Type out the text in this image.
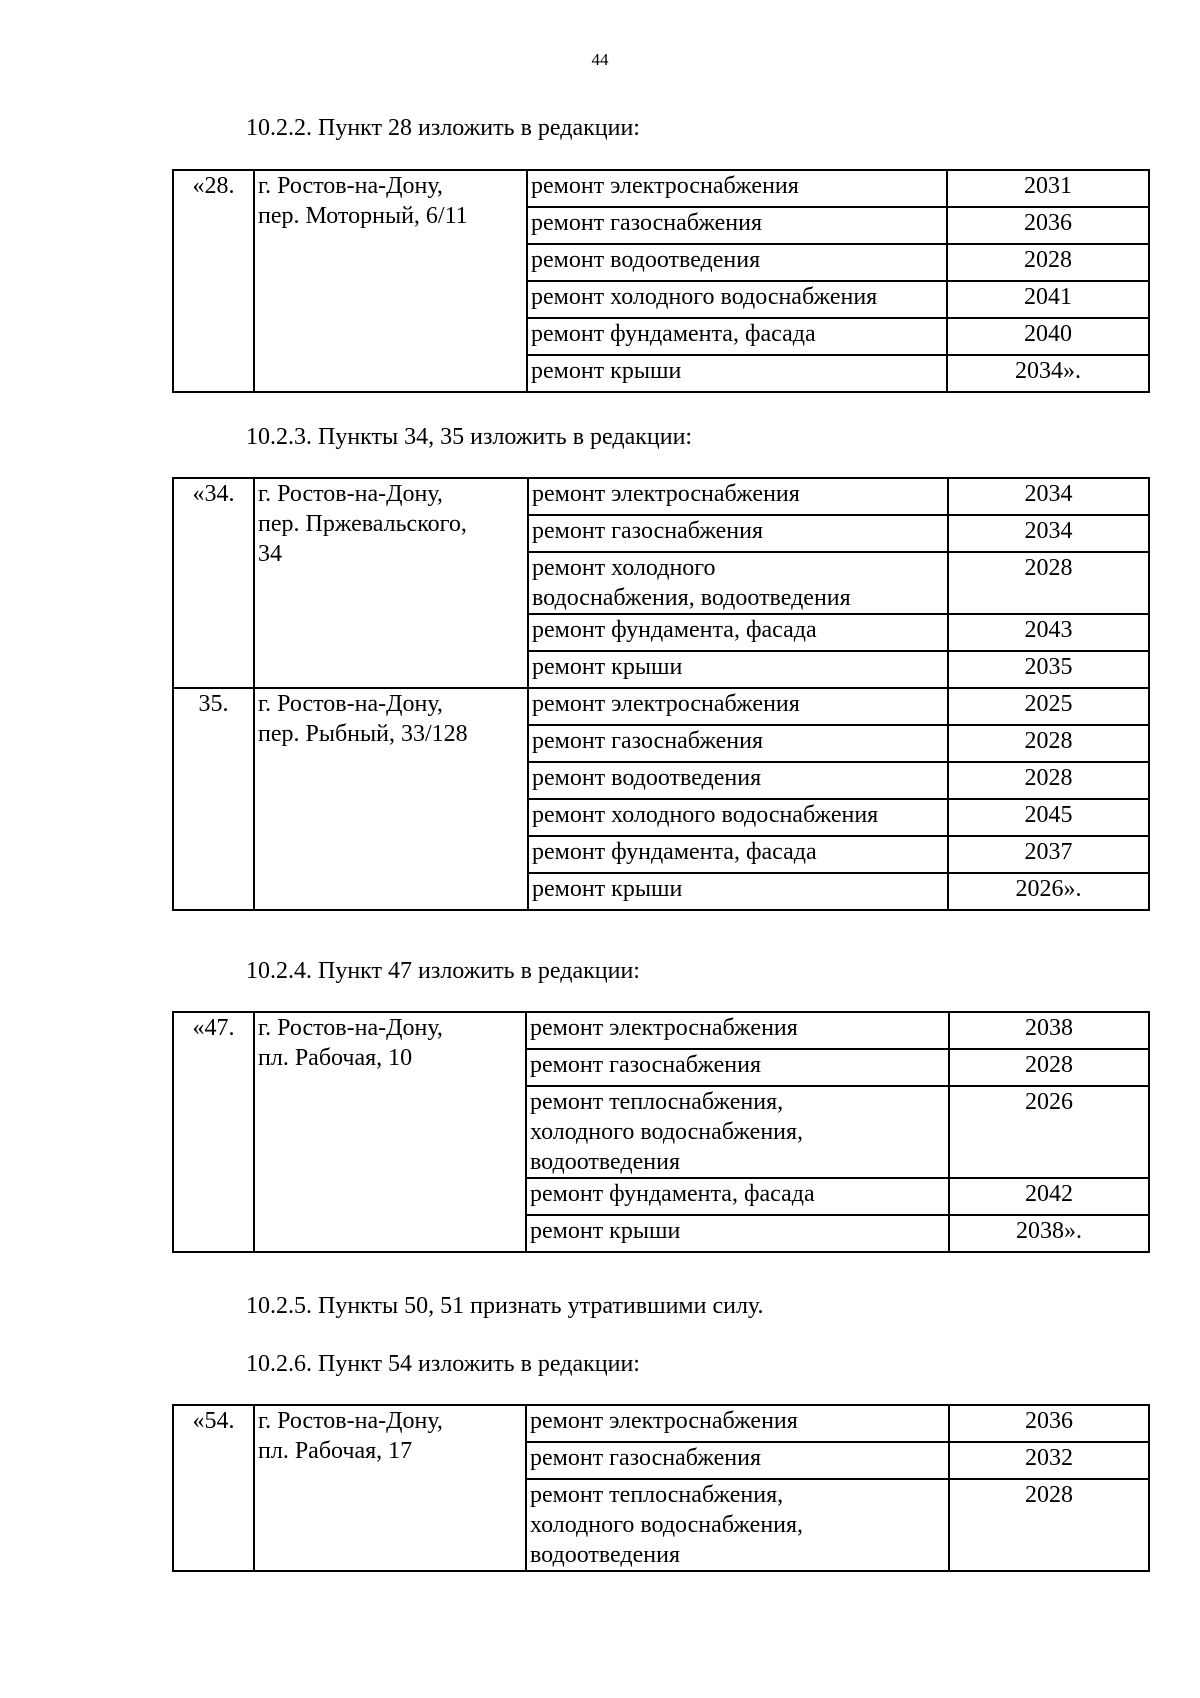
44
10.2.2. Пункт 28 изложить в редакции:
«28.	г. Ростов-на-Дону,
пер. Моторный, 6/11	ремонт электроснабжения	2031

		ремонт газоснабжения	2036

		ремонт водоотведения	2028

		ремонт холодного водоснабжения	2041

		ремонт фундамента, фасада	2040

		ремонт крыши	2034».
10.2.3. Пункты 34, 35 изложить в редакции:
«34.	г. Ростов-на-Дону,
пер. Пржевальского,
34	ремонт электроснабжения	2034

		ремонт газоснабжения	2034

		ремонт холодного
водоснабжения, водоотведения	2028

		ремонт фундамента, фасада	2043

		ремонт крыши	2035
35.	г. Ростов-на-Дону,
пер. Рыбный, 33/128	ремонт электроснабжения	2025

		ремонт газоснабжения	2028

		ремонт водоотведения	2028

		ремонт холодного водоснабжения	2045

		ремонт фундамента, фасада	2037

		ремонт крыши	2026».
10.2.4. Пункт 47 изложить в редакции:
«47.	г. Ростов-на-Дону,
пл. Рабочая, 10	ремонт электроснабжения	2038

		ремонт газоснабжения	2028

		ремонт теплоснабжения,
холодного водоснабжения,
водоотведения	2026

		ремонт фундамента, фасада	2042

		ремонт крыши	2038».
10.2.5. Пункты 50, 51 признать утратившими силу.
10.2.6. Пункт 54 изложить в редакции:
«54.	г. Ростов-на-Дону,
пл. Рабочая, 17	ремонт электроснабжения	2036

		ремонт газоснабжения	2032

		ремонт теплоснабжения,
холодного водоснабжения,
водоотведения	2028
